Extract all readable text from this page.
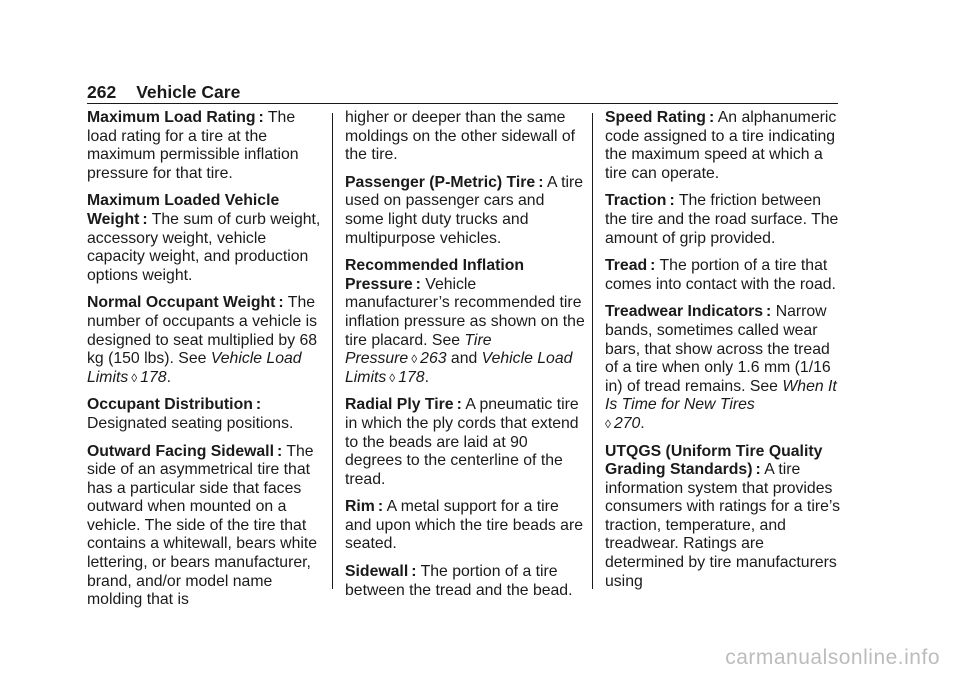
262 Vehicle Care

Maximum Load Rating : The load rating for a tire at the maximum permissible inflation pressure for that tire.

Maximum Loaded Vehicle Weight : The sum of curb weight, accessory weight, vehicle capacity weight, and production options weight.

Normal Occupant Weight : The number of occupants a vehicle is designed to seat multiplied by 68 kg (150 lbs). See Vehicle Load Limits ◊ 178.

Occupant Distribution : Designated seating positions.

Outward Facing Sidewall : The side of an asymmetrical tire that has a particular side that faces outward when mounted on a vehicle. The side of the tire that contains a whitewall, bears white lettering, or bears manufacturer, brand, and/or model name molding that is

higher or deeper than the same moldings on the other sidewall of the tire.

Passenger (P-Metric) Tire : A tire used on passenger cars and some light duty trucks and multipurpose vehicles.

Recommended Inflation Pressure : Vehicle manufacturer’s recommended tire inflation pressure as shown on the tire placard. See Tire Pressure ◊ 263 and Vehicle Load Limits ◊ 178.

Radial Ply Tire : A pneumatic tire in which the ply cords that extend to the beads are laid at 90 degrees to the centerline of the tread.

Rim : A metal support for a tire and upon which the tire beads are seated.

Sidewall : The portion of a tire between the tread and the bead.

Speed Rating : An alphanumeric code assigned to a tire indicating the maximum speed at which a tire can operate.

Traction : The friction between the tire and the road surface. The amount of grip provided.

Tread : The portion of a tire that comes into contact with the road.

Treadwear Indicators : Narrow bands, sometimes called wear bars, that show across the tread of a tire when only 1.6 mm (1/16 in) of tread remains. See When It Is Time for New Tires
◊ 270.

UTQGS (Uniform Tire Quality Grading Standards) : A tire information system that provides consumers with ratings for a tire’s traction, temperature, and treadwear. Ratings are determined by tire manufacturers using

carmanualsonline.info
